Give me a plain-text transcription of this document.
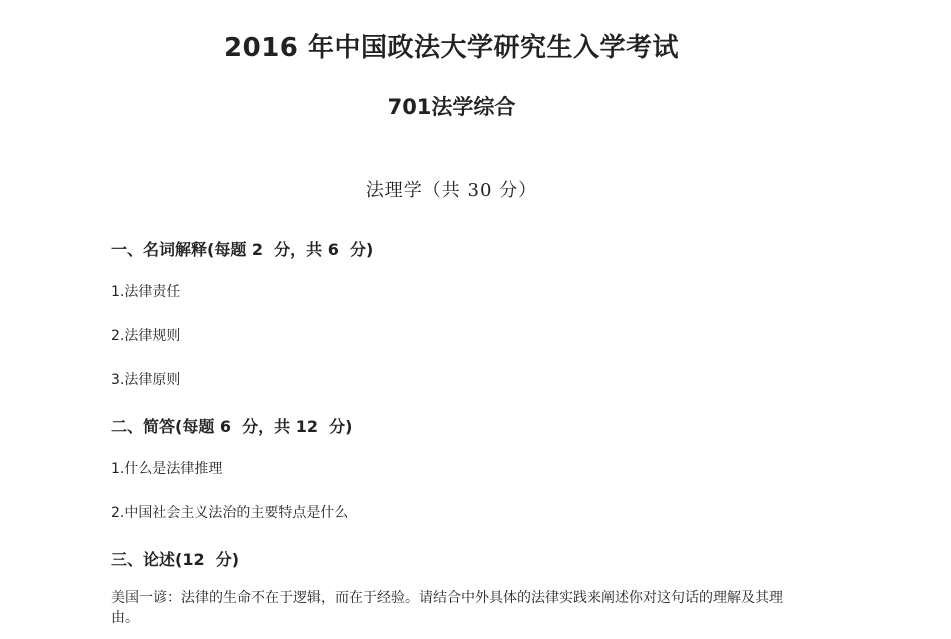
2016 年中国政法大学研究生入学考试
701法学综合
法理学（共 30 分）
一、名词解释(每题 2  分，共 6  分)
1.法律责任
2.法律规则
3.法律原则
二、简答(每题 6  分，共 12  分)
1.什么是法律推理
2.中国社会主义法治的主要特点是什么
三、论述(12  分)
美国一谚：法律的生命不在于逻辑，而在于经验。请结合中外具体的法律实践来阐述你对这句话的理解及其理由。
